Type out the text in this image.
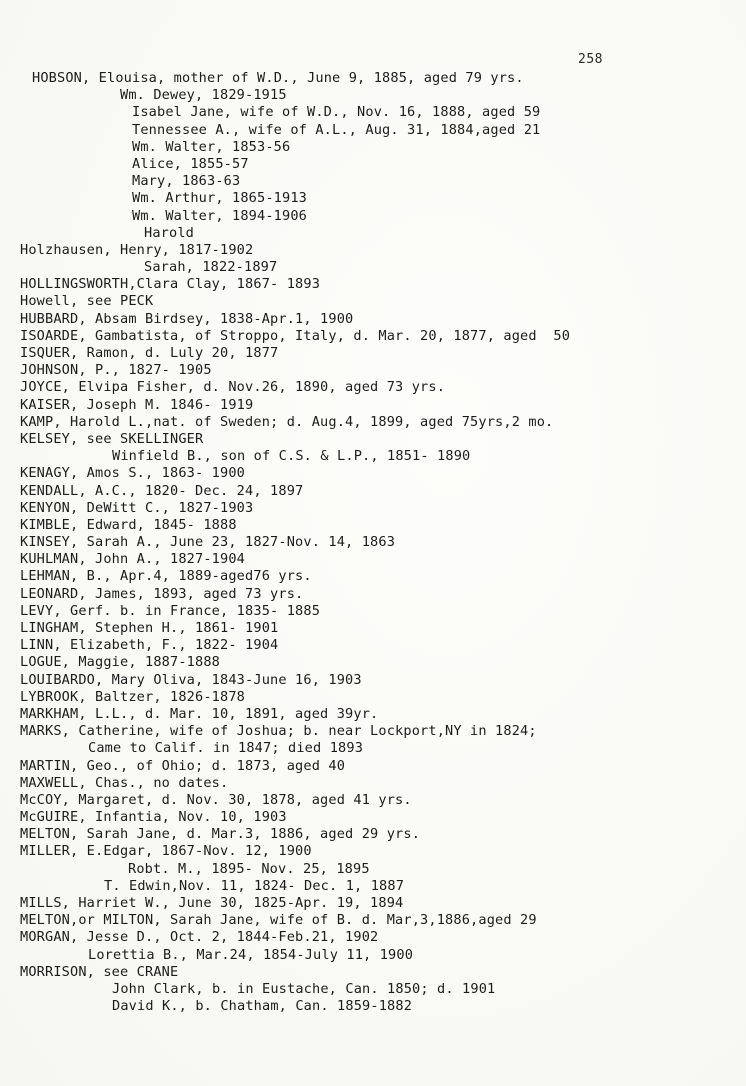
258
HOBSON, Elouisa, mother of W.D., June 9, 1885, aged 79 yrs.
Wm. Dewey, 1829-1915
Isabel Jane, wife of W.D., Nov. 16, 1888, aged 59
Tennessee A., wife of A.L., Aug. 31, 1884,aged 21
Wm. Walter, 1853-56
Alice, 1855-57
Mary, 1863-63
Wm. Arthur, 1865-1913
Wm. Walter, 1894-1906
Harold
Holzhausen, Henry, 1817-1902
Sarah, 1822-1897
HOLLINGSWORTH,Clara Clay, 1867- 1893
Howell, see PECK
HUBBARD, Absam Birdsey, 1838-Apr.1, 1900
ISOARDE, Gambatista, of Stroppo, Italy, d. Mar. 20, 1877, aged  50
ISQUER, Ramon, d. Luly 20, 1877
JOHNSON, P., 1827- 1905
JOYCE, Elvipa Fisher, d. Nov.26, 1890, aged 73 yrs.
KAISER, Joseph M. 1846- 1919
KAMP, Harold L.,nat. of Sweden; d. Aug.4, 1899, aged 75yrs,2 mo.
KELSEY, see SKELLINGER
Winfield B., son of C.S. & L.P., 1851- 1890
KENAGY, Amos S., 1863- 1900
KENDALL, A.C., 1820- Dec. 24, 1897
KENYON, DeWitt C., 1827-1903
KIMBLE, Edward, 1845- 1888
KINSEY, Sarah A., June 23, 1827-Nov. 14, 1863
KUHLMAN, John A., 1827-1904
LEHMAN, B., Apr.4, 1889-aged76 yrs.
LEONARD, James, 1893, aged 73 yrs.
LEVY, Gerf. b. in France, 1835- 1885
LINGHAM, Stephen H., 1861- 1901
LINN, Elizabeth, F., 1822- 1904
LOGUE, Maggie, 1887-1888
LOUIBARDO, Mary Oliva, 1843-June 16, 1903
LYBROOK, Baltzer, 1826-1878
MARKHAM, L.L., d. Mar. 10, 1891, aged 39yr.
MARKS, Catherine, wife of Joshua; b. near Lockport,NY in 1824;
Came to Calif. in 1847; died 1893
MARTIN, Geo., of Ohio; d. 1873, aged 40
MAXWELL, Chas., no dates.
McCOY, Margaret, d. Nov. 30, 1878, aged 41 yrs.
McGUIRE, Infantia, Nov. 10, 1903
MELTON, Sarah Jane, d. Mar.3, 1886, aged 29 yrs.
MILLER, E.Edgar, 1867-Nov. 12, 1900
Robt. M., 1895- Nov. 25, 1895
T. Edwin,Nov. 11, 1824- Dec. 1, 1887
MILLS, Harriet W., June 30, 1825-Apr. 19, 1894
MELTON,or MILTON, Sarah Jane, wife of B. d. Mar,3,1886,aged 29
MORGAN, Jesse D., Oct. 2, 1844-Feb.21, 1902
Lorettia B., Mar.24, 1854-July 11, 1900
MORRISON, see CRANE
John Clark, b. in Eustache, Can. 1850; d. 1901
David K., b. Chatham, Can. 1859-1882
